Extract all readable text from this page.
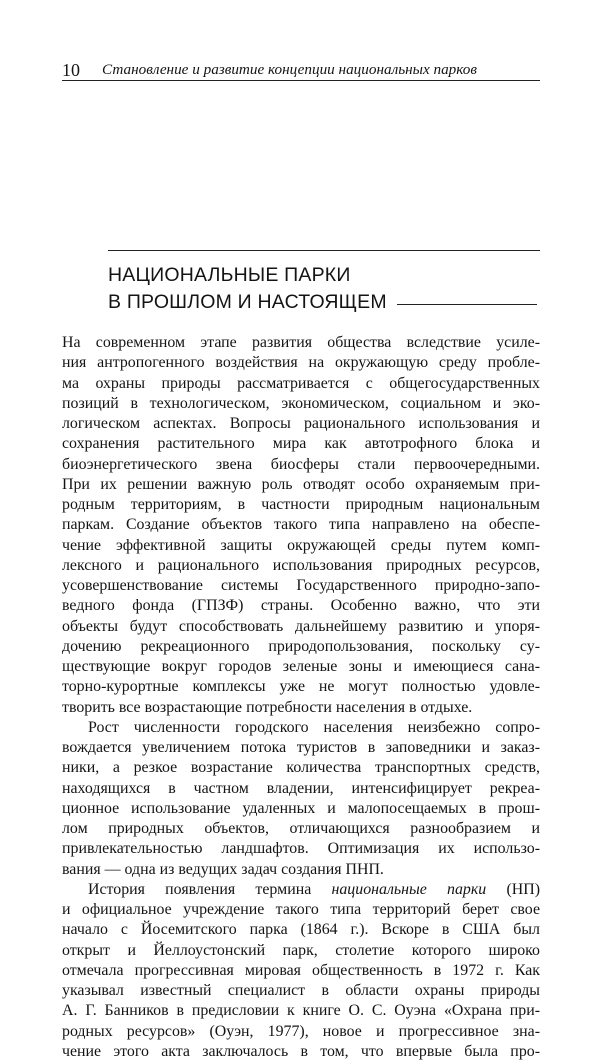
10 Становление и развитие концепции национальных парков
НАЦИОНАЛЬНЫЕ ПАРКИ
В ПРОШЛОМ И НАСТОЯЩЕМ
На современном этапе развития общества вследствие усиле-
ния антропогенного воздействия на окружающую среду пробле-
ма охраны природы рассматривается с общегосударственных
позиций в технологическом, экономическом, социальном и эко-
логическом аспектах. Вопросы рационального использования и
сохранения растительного мира как автотрофного блока и
биоэнергетического звена биосферы стали первоочередными.
При их решении важную роль отводят особо охраняемым при-
родным территориям, в частности природным национальным
паркам. Создание объектов такого типа направлено на обеспе-
чение эффективной защиты окружающей среды путем комп-
лексного и рационального использования природных ресурсов,
усовершенствование системы Государственного природно-запо-
ведного фонда (ГПЗФ) страны. Особенно важно, что эти
объекты будут способствовать дальнейшему развитию и упоря-
дочению рекреационного природопользования, поскольку су-
ществующие вокруг городов зеленые зоны и имеющиеся сана-
торно-курортные комплексы уже не могут полностью удовле-
творить все возрастающие потребности населения в отдыхе.
Рост численности городского населения неизбежно сопро-
вождается увеличением потока туристов в заповедники и заказ-
ники, а резкое возрастание количества транспортных средств,
находящихся в частном владении, интенсифицирует рекреа-
ционное использование удаленных и малопосещаемых в прош-
лом природных объектов, отличающихся разнообразием и
привлекательностью ландшафтов. Оптимизация их использо-
вания — одна из ведущих задач создания ПНП.
История появления термина национальные парки (НП)
и официальное учреждение такого типа территорий берет свое
начало с Йосемитского парка (1864 г.). Вскоре в США был
открыт и Йеллоустонский парк, столетие которого широко
отмечала прогрессивная мировая общественность в 1972 г. Как
указывал известный специалист в области охраны природы
А. Г. Банников в предисловии к книге О. С. Оуэна «Охрана при-
родных ресурсов» (Оуэн, 1977), новое и прогрессивное зна-
чение этого акта заключалось в том, что впервые была про-
